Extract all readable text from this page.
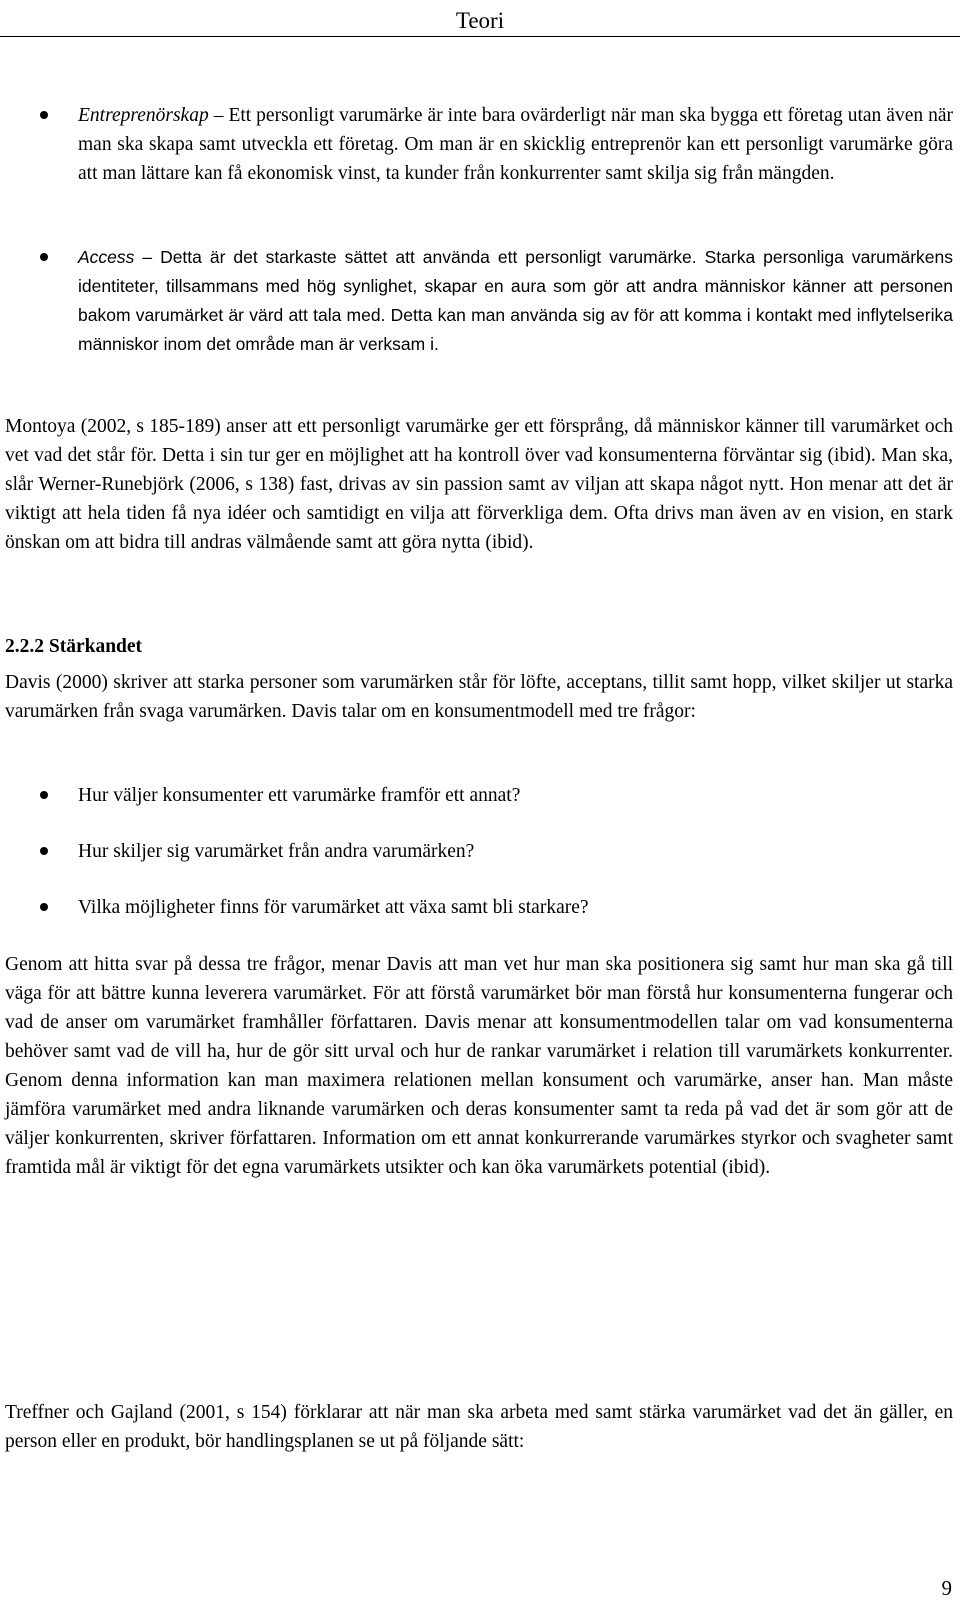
Teori

Entreprenörskap – Ett personligt varumärke är inte bara ovärderligt när man ska bygga ett företag utan även när man ska skapa samt utveckla ett företag. Om man är en skicklig entreprenör kan ett personligt varumärke göra att man lättare kan få ekonomisk vinst, ta kunder från konkurrenter samt skilja sig från mängden.

Access – Detta är det starkaste sättet att använda ett personligt varumärke. Starka personliga varumärkens identiteter, tillsammans med hög synlighet, skapar en aura som gör att andra människor känner att personen bakom varumärket är värd att tala med. Detta kan man använda sig av för att komma i kontakt med inflytelserika människor inom det område man är verksam i.

Montoya (2002, s 185-189) anser att ett personligt varumärke ger ett försprång, då människor känner till varumärket och vet vad det står för. Detta i sin tur ger en möjlighet att ha kontroll över vad konsumenterna förväntar sig (ibid). Man ska, slår Werner-Runebjörk (2006, s 138) fast, drivas av sin passion samt av viljan att skapa något nytt. Hon menar att det är viktigt att hela tiden få nya idéer och samtidigt en vilja att förverkliga dem. Ofta drivs man även av en vision, en stark önskan om att bidra till andras välmående samt att göra nytta (ibid).

2.2.2 Stärkandet

Davis (2000) skriver att starka personer som varumärken står för löfte, acceptans, tillit samt hopp, vilket skiljer ut starka varumärken från svaga varumärken. Davis talar om en konsumentmodell med tre frågor:

Hur väljer konsumenter ett varumärke framför ett annat?

Hur skiljer sig varumärket från andra varumärken?

Vilka möjligheter finns för varumärket att växa samt bli starkare?

Genom att hitta svar på dessa tre frågor, menar Davis att man vet hur man ska positionera sig samt hur man ska gå till väga för att bättre kunna leverera varumärket. För att förstå varumärket bör man förstå hur konsumenterna fungerar och vad de anser om varumärket framhåller författaren. Davis menar att konsumentmodellen talar om vad konsumenterna behöver samt vad de vill ha, hur de gör sitt urval och hur de rankar varumärket i relation till varumärkets konkurrenter. Genom denna information kan man maximera relationen mellan konsument och varumärke, anser han. Man måste jämföra varumärket med andra liknande varumärken och deras konsumenter samt ta reda på vad det är som gör att de väljer konkurrenten, skriver författaren. Information om ett annat konkurrerande varumärkes styrkor och svagheter samt framtida mål är viktigt för det egna varumärkets utsikter och kan öka varumärkets potential (ibid).

Treffner och Gajland (2001, s 154) förklarar att när man ska arbeta med samt stärka varumärket vad det än gäller, en person eller en produkt, bör handlingsplanen se ut på följande sätt:

9
